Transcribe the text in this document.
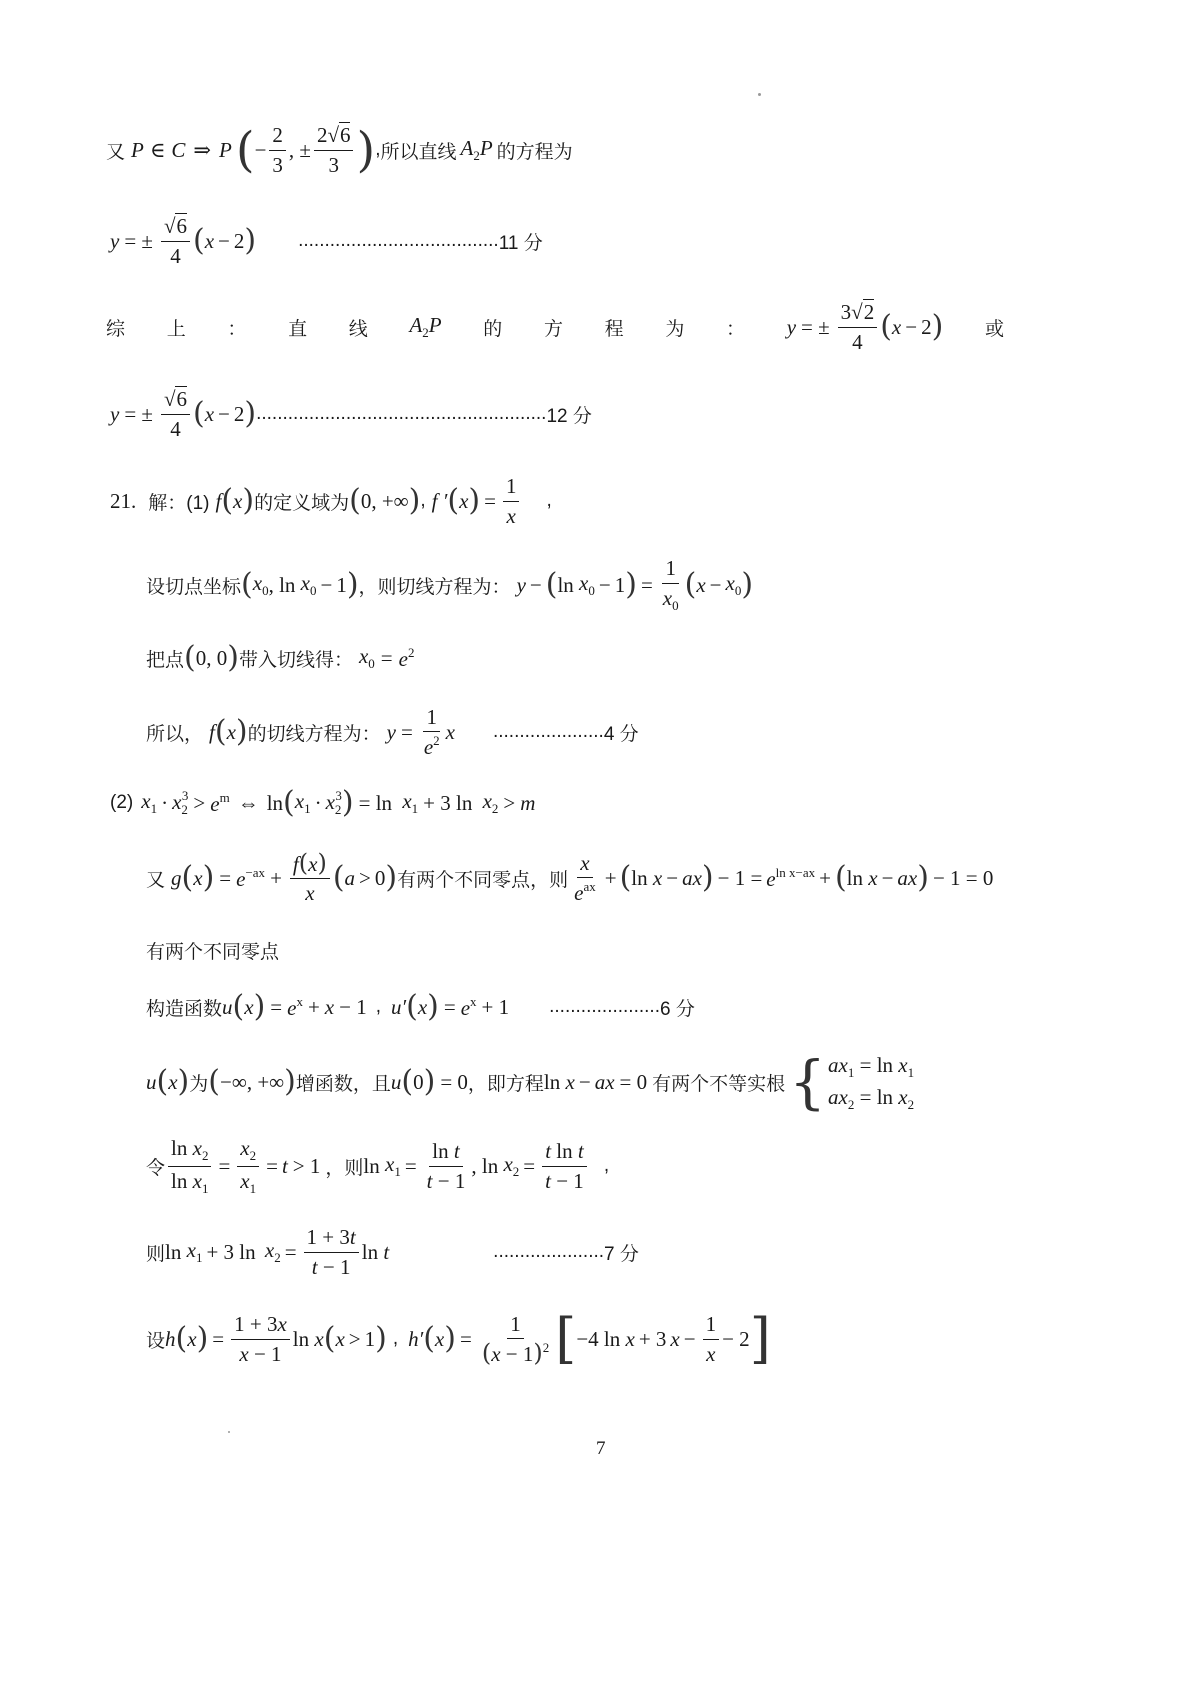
又 P ∈ C ⇒ P ( − $\frac{2}{3}$ , ± $\frac{2√6}{3}$ ) , 所以直线 $A_2P$ 的方程为
y = ± $\frac{√6}{4}$ ( x − 2 ) ...................................... 11 分
综 上 ： 直 线 $A_2P$ 的 方 程 为 ： y = ± $\frac{3√2}{4}$ ( x − 2 ) 或
y = ± $\frac{√6}{4}$ ( x − 2 ) ....................................................... 12 分
21. 解：(1) f ( x ) 的定义域为 ( 0, +∞ ) , f ′ ( x ) = $\frac{1}{x}$ ,
设切点坐标 ( $x_0$ , $\ln x_0 - 1$ ) ，则切线方程为： y − ( $\ln x_0 - 1$ ) = $\frac{1}{x_0}$ ( $x - x_0$ )
把点 ( 0, 0 ) 带入切线得： $x_0 = e^2$
所以， f ( x ) 的切线方程为： $y = \frac{1}{e^2}$ x ..................... 4 分
(2) $x_1 \cdot x_2^3 > e^m$ ⇔ ln ( $x_1 \cdot x_2^3$ ) = $\ln x_1 + 3$ $\ln x_2 > m$
又 g ( x ) = $e^{-ax} + \frac{f(x)}{x}$ ( a > 0 ) 有两个不同零点，则 $\frac{x}{e^{ax}}$ + ( ln x − ax ) − $1 = e^{ln x-ax}$ + ( ln x − ax ) − 1 = 0
有两个不同零点
构造函数 u ( x ) = $e^x + x - 1$ , u′ ( x ) = $e^x + 1$ ..................... 6 分
u ( x ) 为 ( −∞, +∞ ) 增函数，且 u ( 0 ) = 0 ，即方程 ln x − ax = 0 有两个不等实根 { $ax_1 = \ln x_1$
$ax_2 = \ln x_2$
令 $\frac{\ln x_2}{\ln x_1} = \frac{x_2}{x_1} = t > 1$ ，则 $\ln x_1 = \frac{\text{ln t}}{t - 1}$ , $\ln x_2 = \frac{\text{t ln t}}{t - 1}$ ,
则 $\ln x_1 + 3$ $\ln x_2 = \frac{1 + 3t}{t - 1}$ ln t	..................... 7 分
设 h ( x ) = $\frac{1 + 3x}{x - 1}$ ln x ( x > 1 ) , h′ ( x ) = $\frac{1}{(x - 1)^2}$ [ −4 ln x + 3 $x - \frac{1}{x} - 2$ ]
7
